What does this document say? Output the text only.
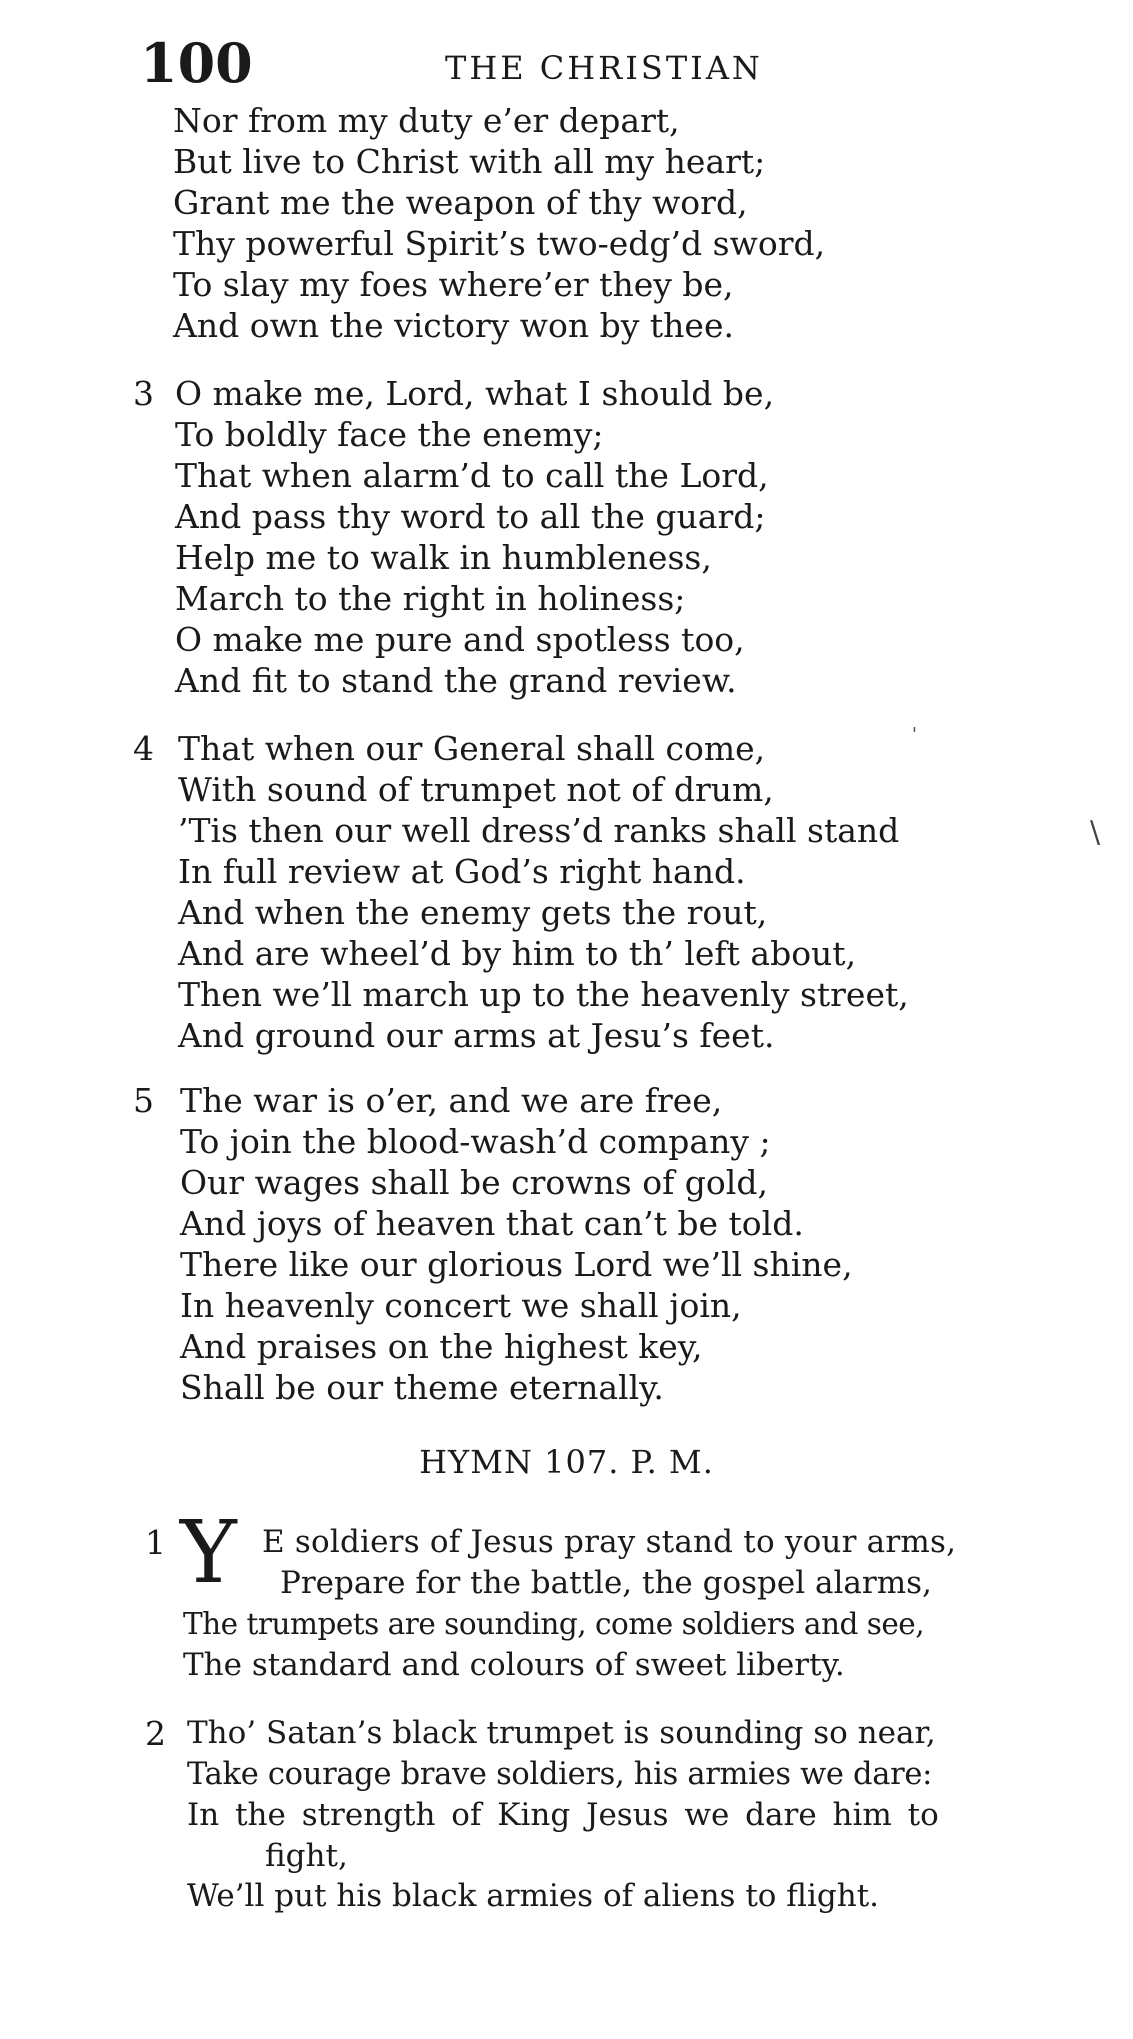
100	THE CHRISTIAN
Nor from my duty e’er depart,
But live to Christ with all my heart;
Grant me the weapon of thy word,
Thy powerful Spirit’s two-edg’d sword,
To slay my foes where’er they be,
And own the victory won by thee.
3 O make me, Lord, what I should be,
To boldly face the enemy;
That when alarm’d to call the Lord,
And pass thy word to all the guard;
Help me to walk in humbleness,
March to the right in holiness;
O make me pure and spotless too,
And fit to stand the grand review.
4 That when our General shall come,
With sound of trumpet not of drum,
’Tis then our well dress’d ranks shall stand
In full review at God’s right hand.
And when the enemy gets the rout,
And are wheel’d by him to th’ left about,
Then we’ll march up to the heavenly street,
And ground our arms at Jesu’s feet.
5 The war is o’er, and we are free,
To join the blood-wash’d company ;
Our wages shall be crowns of gold,
And joys of heaven that can’t be told.
There like our glorious Lord we’ll shine,
In heavenly concert we shall join,
And praises on the highest key,
Shall be our theme eternally.
HYMN 107. P. M.
1 Y E soldiers of Jesus pray stand to your arms,
Prepare for the battle, the gospel alarms,
The trumpets are sounding, come soldiers and see,
The standard and colours of sweet liberty.
2 Tho’ Satan’s black trumpet is sounding so near,
Take courage brave soldiers, his armies we dare:
In the strength of King Jesus we dare him to
fight,
We’ll put his black armies of aliens to flight.
\
'
